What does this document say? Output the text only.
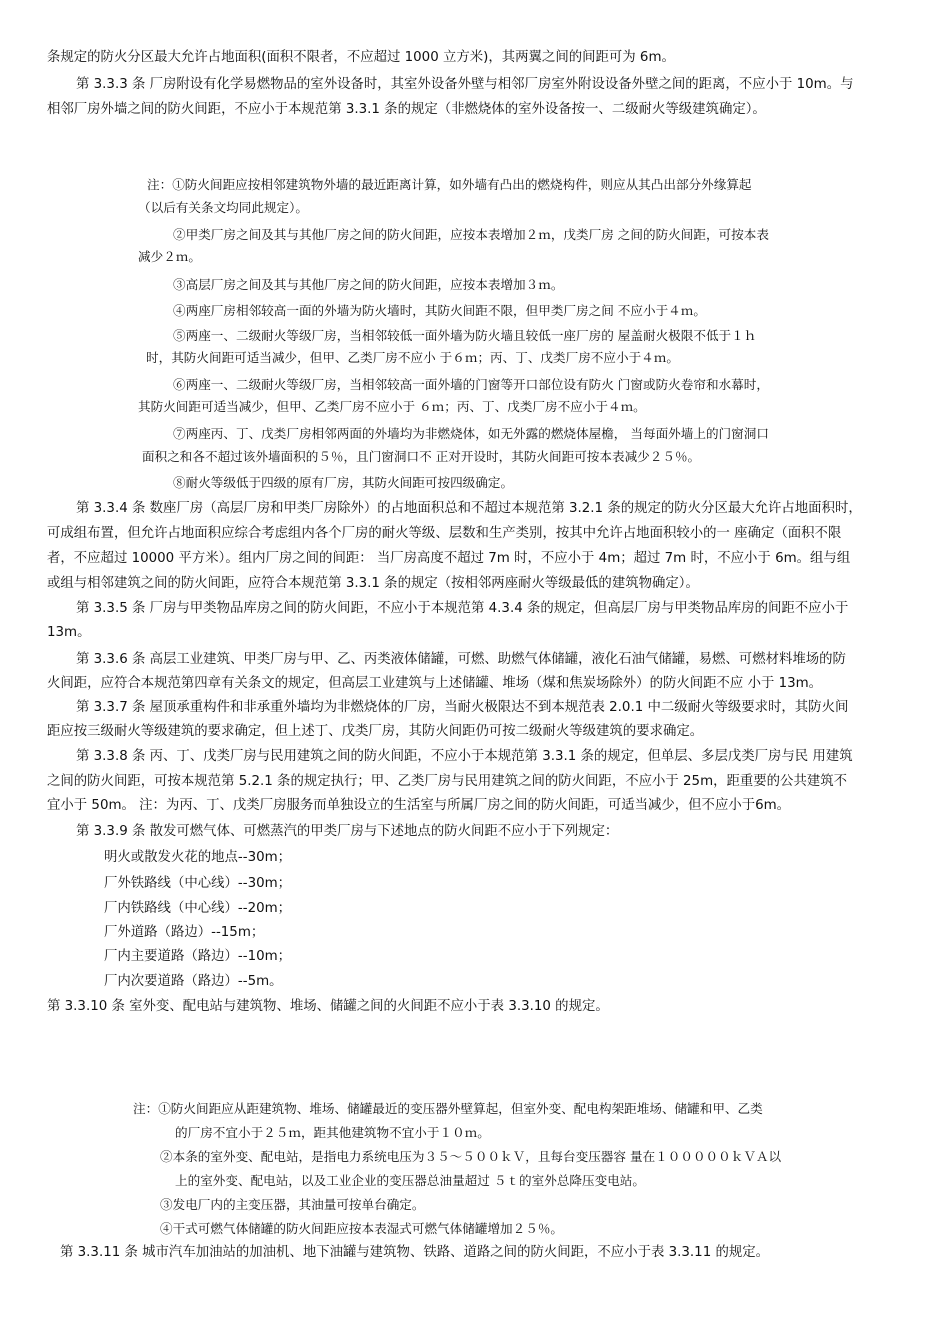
条规定的防火分区最大允许占地面积(面积不限者，不应超过 1000 立方米)，其两翼之间的间距可为 6m。
第 3.3.3 条 厂房附设有化学易燃物品的室外设备时，其室外设备外壁与相邻厂房室外附设设备外壁之间的距离，不应小于 10m。与
相邻厂房外墙之间的防火间距，不应小于本规范第 3.3.1 条的规定（非燃烧体的室外设备按一、二级耐火等级建筑确定）。
注：①防火间距应按相邻建筑物外墙的最近距离计算，如外墙有凸出的燃烧构件，则应从其凸出部分外缘算起
（以后有关条文均同此规定）。
②甲类厂房之间及其与其他厂房之间的防火间距，应按本表增加２ｍ，戊类厂房 之间的防火间距，可按本表
减少２ｍ。
③高层厂房之间及其与其他厂房之间的防火间距，应按本表增加３ｍ。
④两座厂房相邻较高一面的外墙为防火墙时，其防火间距不限，但甲类厂房之间 不应小于４ｍ。
⑤两座一、二级耐火等级厂房，当相邻较低一面外墙为防火墙且较低一座厂房的 屋盖耐火极限不低于１ｈ
时，其防火间距可适当减少，但甲、乙类厂房不应小 于６ｍ；丙、丁、戊类厂房不应小于４ｍ。
⑥两座一、二级耐火等级厂房，当相邻较高一面外墙的门窗等开口部位设有防火 门窗或防火卷帘和水幕时，
其防火间距可适当减少，但甲、乙类厂房不应小于 ６ｍ；丙、丁、戊类厂房不应小于４ｍ。
⑦两座丙、丁、戊类厂房相邻两面的外墙均为非燃烧体，如无外露的燃烧体屋檐， 当每面外墙上的门窗洞口
面积之和各不超过该外墙面积的５％，且门窗洞口不 正对开设时，其防火间距可按本表减少２５％。
⑧耐火等级低于四级的原有厂房，其防火间距可按四级确定。
第 3.3.4 条 数座厂房（高层厂房和甲类厂房除外）的占地面积总和不超过本规范第 3.2.1 条的规定的防火分区最大允许占地面积时，
可成组布置，但允许占地面积应综合考虑组内各个厂房的耐火等级、层数和生产类别，按其中允许占地面积较小的一 座确定（面积不限
者，不应超过 10000 平方米）。组内厂房之间的间距： 当厂房高度不超过 7m 时，不应小于 4m；超过 7m 时，不应小于 6m。组与组
或组与相邻建筑之间的防火间距，应符合本规范第 3.3.1 条的规定（按相邻两座耐火等级最低的建筑物确定）。
第 3.3.5 条 厂房与甲类物品库房之间的防火间距，不应小于本规范第 4.3.4 条的规定，但高层厂房与甲类物品库房的间距不应小于
13m。
第 3.3.6 条 高层工业建筑、甲类厂房与甲、乙、丙类液体储罐，可燃、助燃气体储罐，液化石油气储罐，易燃、可燃材料堆场的防
火间距，应符合本规范第四章有关条文的规定，但高层工业建筑与上述储罐、堆场（煤和焦炭场除外）的防火间距不应 小于 13m。
第 3.3.7 条 屋顶承重构件和非承重外墙均为非燃烧体的厂房，当耐火极限达不到本规范表 2.0.1 中二级耐火等级要求时，其防火间
距应按三级耐火等级建筑的要求确定，但上述丁、戊类厂房，其防火间距仍可按二级耐火等级建筑的要求确定。
第 3.3.8 条 丙、丁、戊类厂房与民用建筑之间的防火间距，不应小于本规范第 3.3.1 条的规定，但单层、多层戊类厂房与民 用建筑
之间的防火间距，可按本规范第 5.2.1 条的规定执行；甲、乙类厂房与民用建筑之间的防火间距，不应小于 25m，距重要的公共建筑不
宜小于 50m。 注：为丙、丁、戊类厂房服务而单独设立的生活室与所属厂房之间的防火间距，可适当减少，但不应小于6m。
第 3.3.9 条 散发可燃气体、可燃蒸汽的甲类厂房与下述地点的防火间距不应小于下列规定：
明火或散发火花的地点--30m；
厂外铁路线（中心线）--30m；
厂内铁路线（中心线）--20m；
厂外道路（路边）--15m；
厂内主要道路（路边）--10m；
厂内次要道路（路边）--5m。
第 3.3.10 条 室外变、配电站与建筑物、堆场、储罐之间的火间距不应小于表 3.3.10 的规定。
注：①防火间距应从距建筑物、堆场、储罐最近的变压器外壁算起，但室外变、配电构架距堆场、储罐和甲、乙类
的厂房不宜小于２５ｍ，距其他建筑物不宜小于１０ｍ。
②本条的室外变、配电站，是指电力系统电压为３５～５００ｋＶ，且每台变压器容 量在１０００００ｋＶＡ以
上的室外变、配电站，以及工业企业的变压器总油量超过 ５ｔ的室外总降压变电站。
③发电厂内的主变压器，其油量可按单台确定。
④干式可燃气体储罐的防火间距应按本表湿式可燃气体储罐增加２５％。
第 3.3.11 条 城市汽车加油站的加油机、地下油罐与建筑物、铁路、道路之间的防火间距，不应小于表 3.3.11 的规定。
